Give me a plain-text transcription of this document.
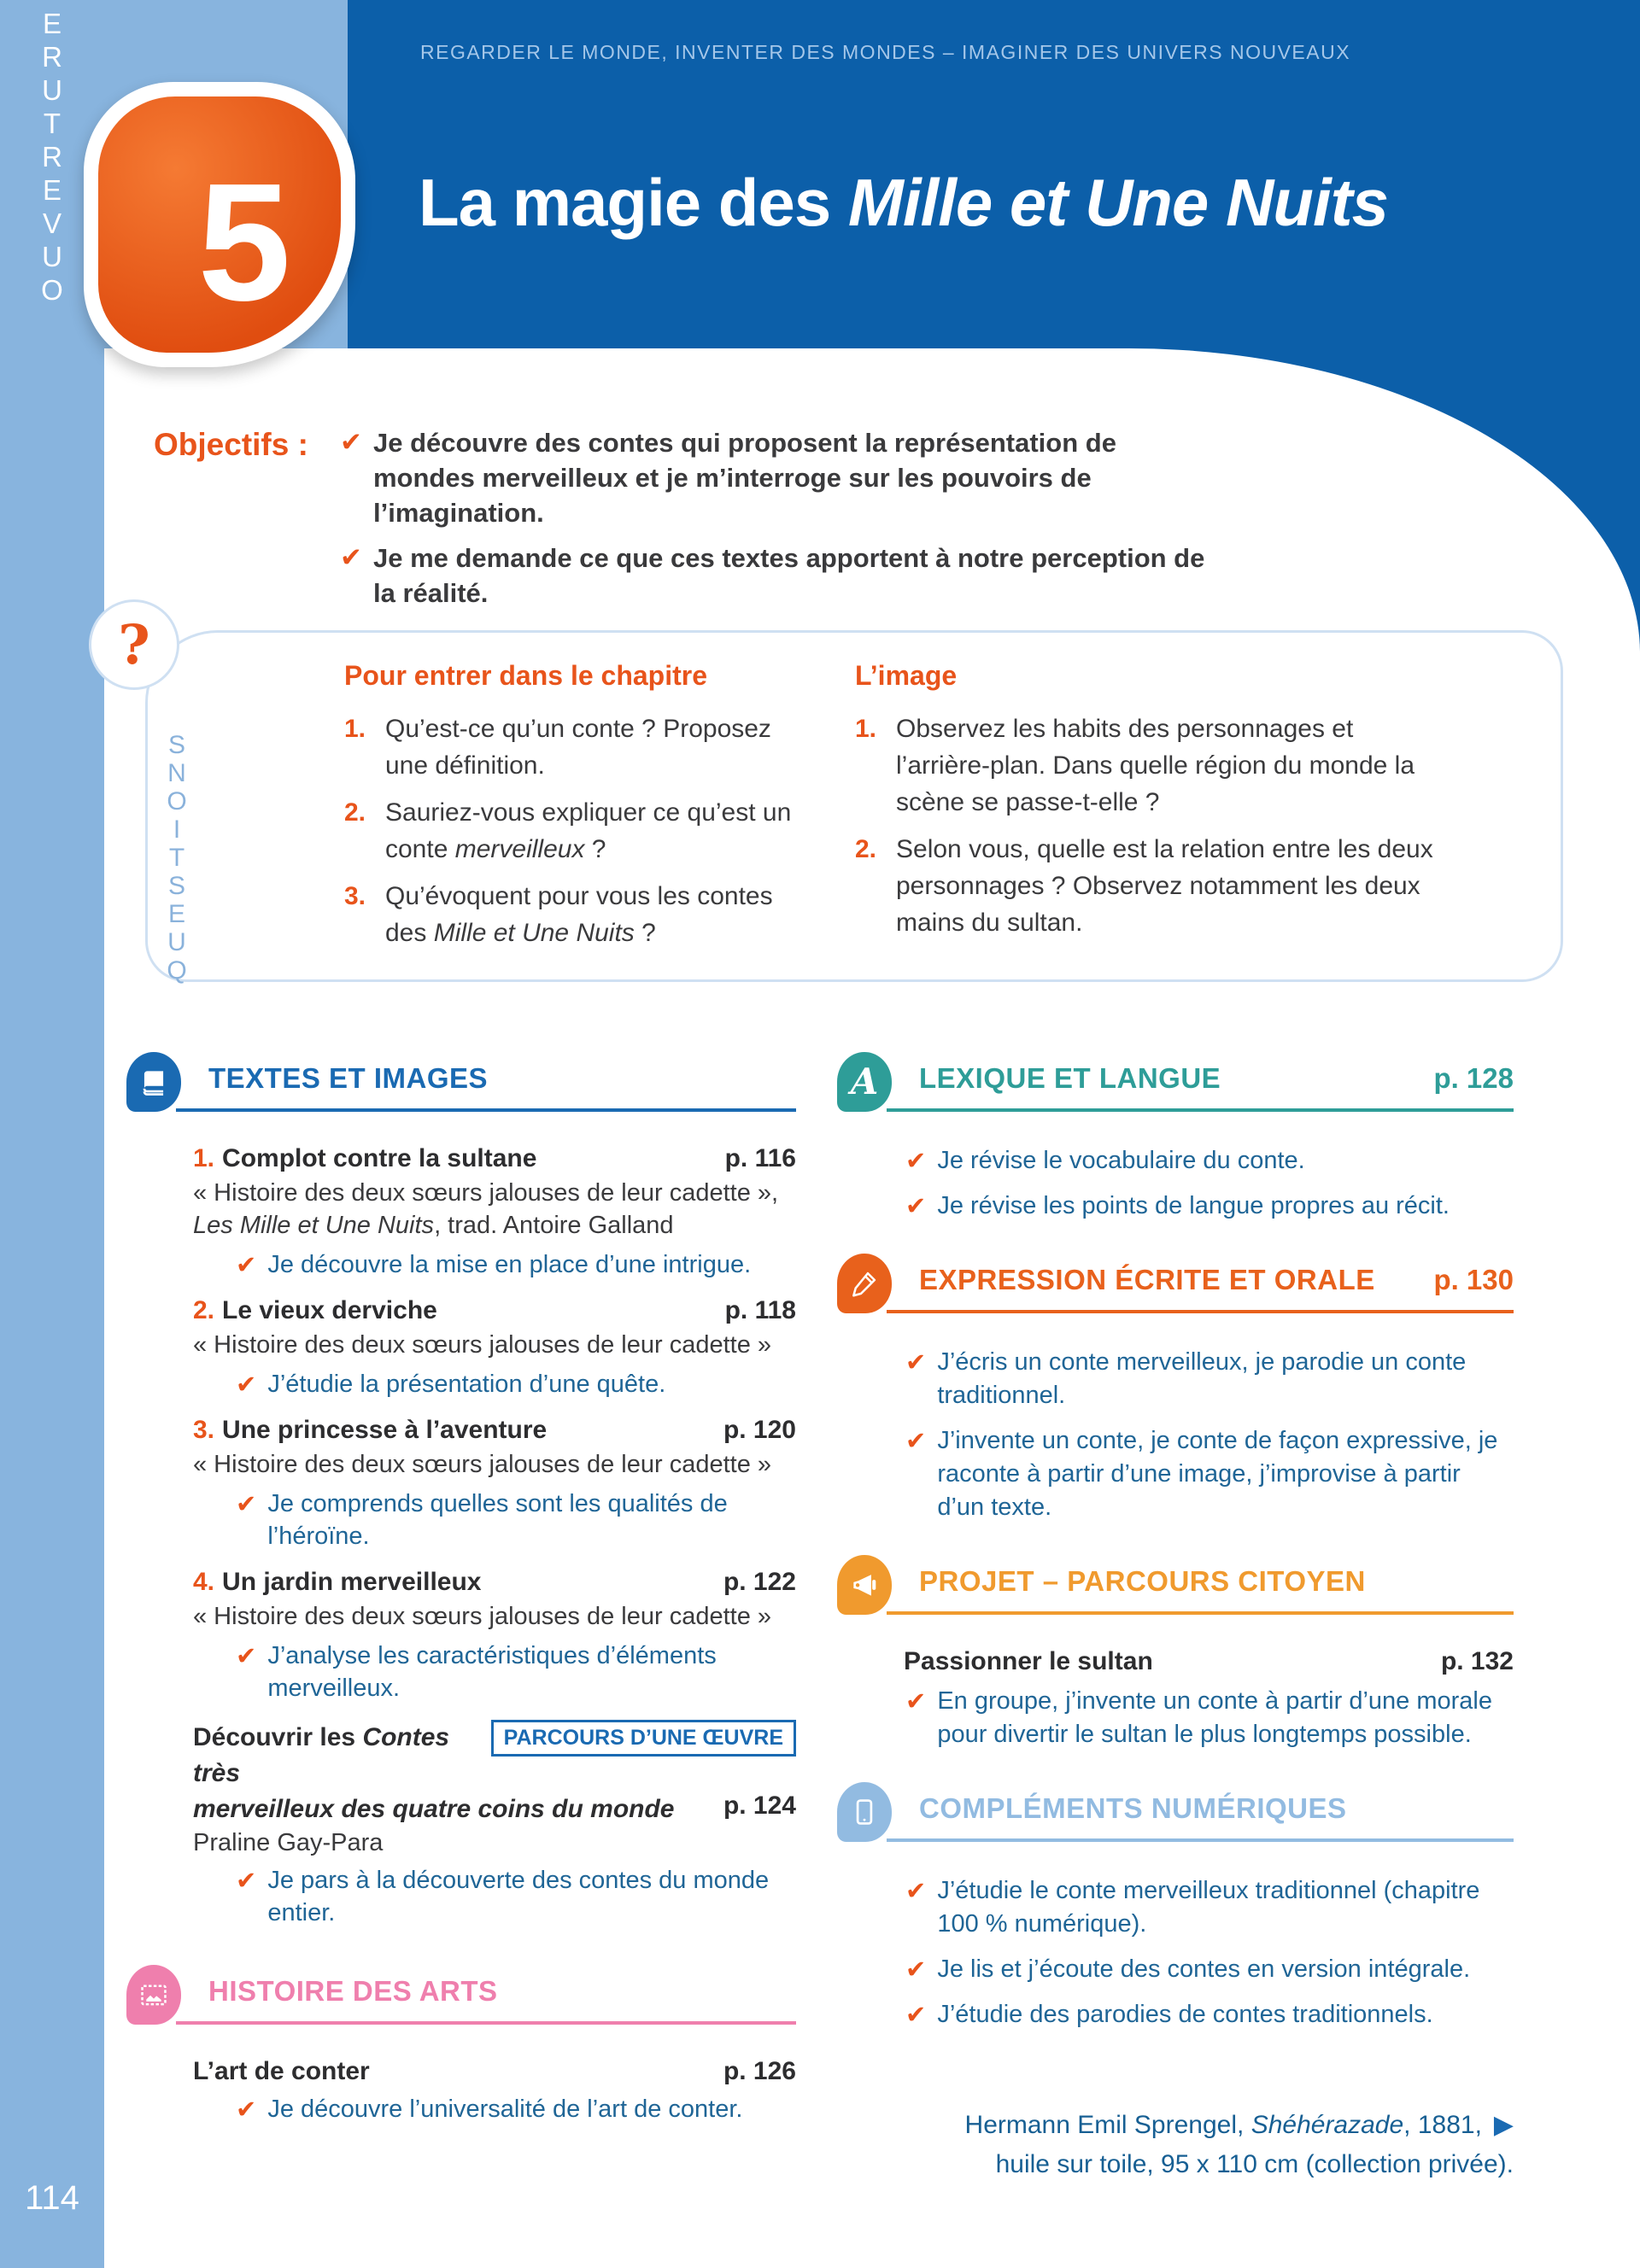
E
R
U
T
R
E
V
U
O
114
REGARDER LE MONDE, INVENTER DES MONDES – IMAGINER DES UNIVERS NOUVEAUX
La magie des Mille et Une Nuits
5
Objectifs : ✔ Je découvre des contes qui proposent la représentation de mondes merveilleux et je m’interroge sur les pouvoirs de l’imagination.
✔ Je me demande ce que ces textes apportent à notre perception de la réalité.
Pour entrer dans le chapitre
1. Qu’est-ce qu’un conte ? Proposez une définition.

2. Sauriez-vous expliquer ce qu’est un conte merveilleux ?

3. Qu’évoquent pour vous les contes des Mille et Une Nuits ?

L’image
1. Observez les habits des personnages et l’arrière-plan. Dans quelle région du monde la scène se passe-t-elle ?

2. Selon vous, quelle est la relation entre les deux personnages ? Observez notamment les deux mains du sultan.

?
S
N
O
I
T
S
E
U
Q
TEXTES ET IMAGES
1. Complot contre la sultane	p. 116
« Histoire des deux sœurs jalouses de leur cadette », Les Mille et Une Nuits, trad. Antoire Galland
✔ Je découvre la mise en place d’une intrigue.
2. Le vieux derviche	p. 118
« Histoire des deux sœurs jalouses de leur cadette »
✔ J’étudie la présentation d’une quête.
3. Une princesse à l’aventure	p. 120
« Histoire des deux sœurs jalouses de leur cadette »
✔ Je comprends quelles sont les qualités de l’héroïne.
4. Un jardin merveilleux	p. 122
« Histoire des deux sœurs jalouses de leur cadette »
✔ J’analyse les caractéristiques d’éléments merveilleux.
Découvrir les Contes très
PARCOURS D’UNE ŒUVRE
merveilleux des quatre coins du monde p. 124
Praline Gay-Para
✔ Je pars à la découverte des contes du monde entier.
HISTOIRE DES ARTS
L’art de conter	p. 126
✔ Je découvre l’universalité de l’art de conter.
A LEXIQUE ET LANGUE	p. 128
✔ Je révise le vocabulaire du conte.
✔ Je révise les points de langue propres au récit.
EXPRESSION ÉCRITE ET ORALE p. 130
✔ J’écris un conte merveilleux, je parodie un conte traditionnel.
✔ J’invente un conte, je conte de façon expressive, je raconte à partir d’une image, j’improvise à partir d’un texte.
PROJET – PARCOURS CITOYEN
Passionner le sultan	p. 132
✔ En groupe, j’invente un conte à partir d’une morale pour divertir le sultan le plus longtemps possible.
COMPLÉMENTS NUMÉRIQUES
✔ J’étudie le conte merveilleux traditionnel (chapitre 100 % numérique).
✔ Je lis et j’écoute des contes en version intégrale.
✔ J’étudie des parodies de contes traditionnels.
Hermann Emil Sprengel, Shéhérazade, 1881, ▶
huile sur toile, 95 x 110 cm (collection privée).
